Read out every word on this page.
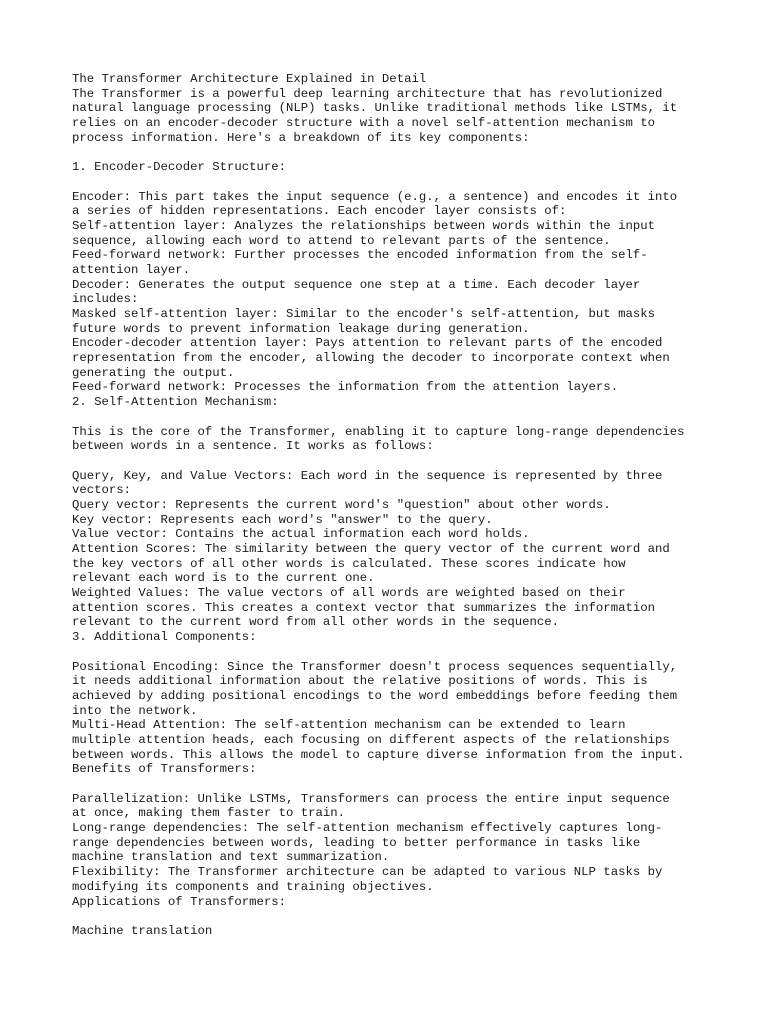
The Transformer Architecture Explained in Detail
The Transformer is a powerful deep learning architecture that has revolutionized
natural language processing (NLP) tasks. Unlike traditional methods like LSTMs, it
relies on an encoder-decoder structure with a novel self-attention mechanism to
process information. Here's a breakdown of its key components:
1. Encoder-Decoder Structure:
Encoder: This part takes the input sequence (e.g., a sentence) and encodes it into
a series of hidden representations. Each encoder layer consists of:
Self-attention layer: Analyzes the relationships between words within the input
sequence, allowing each word to attend to relevant parts of the sentence.
Feed-forward network: Further processes the encoded information from the self-
attention layer.
Decoder: Generates the output sequence one step at a time. Each decoder layer
includes:
Masked self-attention layer: Similar to the encoder's self-attention, but masks
future words to prevent information leakage during generation.
Encoder-decoder attention layer: Pays attention to relevant parts of the encoded
representation from the encoder, allowing the decoder to incorporate context when
generating the output.
Feed-forward network: Processes the information from the attention layers.
2. Self-Attention Mechanism:
This is the core of the Transformer, enabling it to capture long-range dependencies
between words in a sentence. It works as follows:
Query, Key, and Value Vectors: Each word in the sequence is represented by three
vectors:
Query vector: Represents the current word's "question" about other words.
Key vector: Represents each word's "answer" to the query.
Value vector: Contains the actual information each word holds.
Attention Scores: The similarity between the query vector of the current word and
the key vectors of all other words is calculated. These scores indicate how
relevant each word is to the current one.
Weighted Values: The value vectors of all words are weighted based on their
attention scores. This creates a context vector that summarizes the information
relevant to the current word from all other words in the sequence.
3. Additional Components:
Positional Encoding: Since the Transformer doesn't process sequences sequentially,
it needs additional information about the relative positions of words. This is
achieved by adding positional encodings to the word embeddings before feeding them
into the network.
Multi-Head Attention: The self-attention mechanism can be extended to learn
multiple attention heads, each focusing on different aspects of the relationships
between words. This allows the model to capture diverse information from the input.
Benefits of Transformers:
Parallelization: Unlike LSTMs, Transformers can process the entire input sequence
at once, making them faster to train.
Long-range dependencies: The self-attention mechanism effectively captures long-
range dependencies between words, leading to better performance in tasks like
machine translation and text summarization.
Flexibility: The Transformer architecture can be adapted to various NLP tasks by
modifying its components and training objectives.
Applications of Transformers:
Machine translation
